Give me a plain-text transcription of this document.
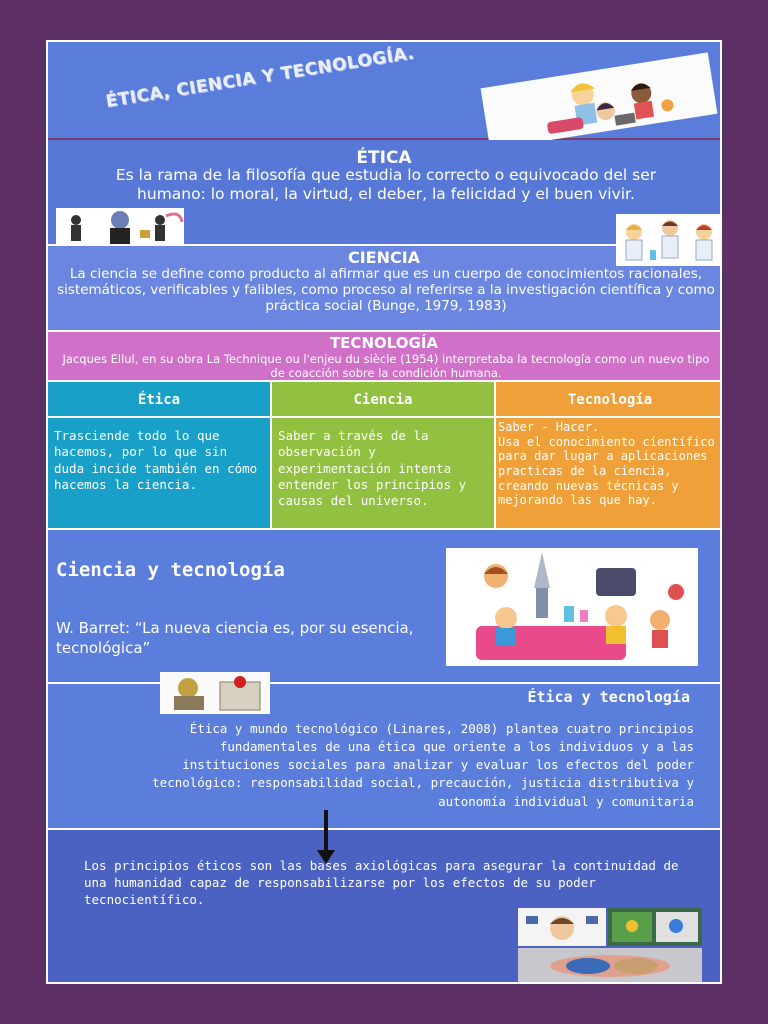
ÉTICA, CIENCIA Y TECNOLOGÍA.
ÉTICA
Es la rama de la filosofía que estudia lo correcto o equivocado del ser humano: lo moral, la virtud, el deber, la felicidad y el buen vivir.
CIENCIA
La ciencia se define como producto al afirmar que es un cuerpo de conocimientos racionales, sistemáticos, verificables y falibles, como proceso al referirse a la investigación científica y como práctica social (Bunge, 1979, 1983)
TECNOLOGÍA
Jacques Ellul, en su obra La Technique ou l'enjeu du siècle (1954) interpretaba la tecnología como un nuevo tipo de coacción sobre la condición humana.
Ética
Trasciende todo lo que hacemos, por lo que sin duda incide también en cómo hacemos la ciencia.
Ciencia
Saber a través de la observación y experimentación intenta entender los principios y causas del universo.
Tecnología
Saber - Hacer.
Usa el conocimiento científico para dar lugar a aplicaciones practicas de la ciencia, creando nuevas técnicas y mejorando las que hay.
Ciencia y tecnología
W. Barret: “La nueva ciencia es, por su esencia, tecnológica”
Ética y tecnología
Ética y mundo tecnológico (Linares, 2008) plantea cuatro principios fundamentales de una ética que oriente a los individuos y a las instituciones sociales para analizar y evaluar los efectos del poder tecnológico: responsabilidad social, precaución, justicia distributiva y autonomía individual y comunitaria
Los principios éticos son las bases axiológicas para asegurar la continuidad de una humanidad capaz de responsabilizarse por los efectos de su poder tecnocientífico.
